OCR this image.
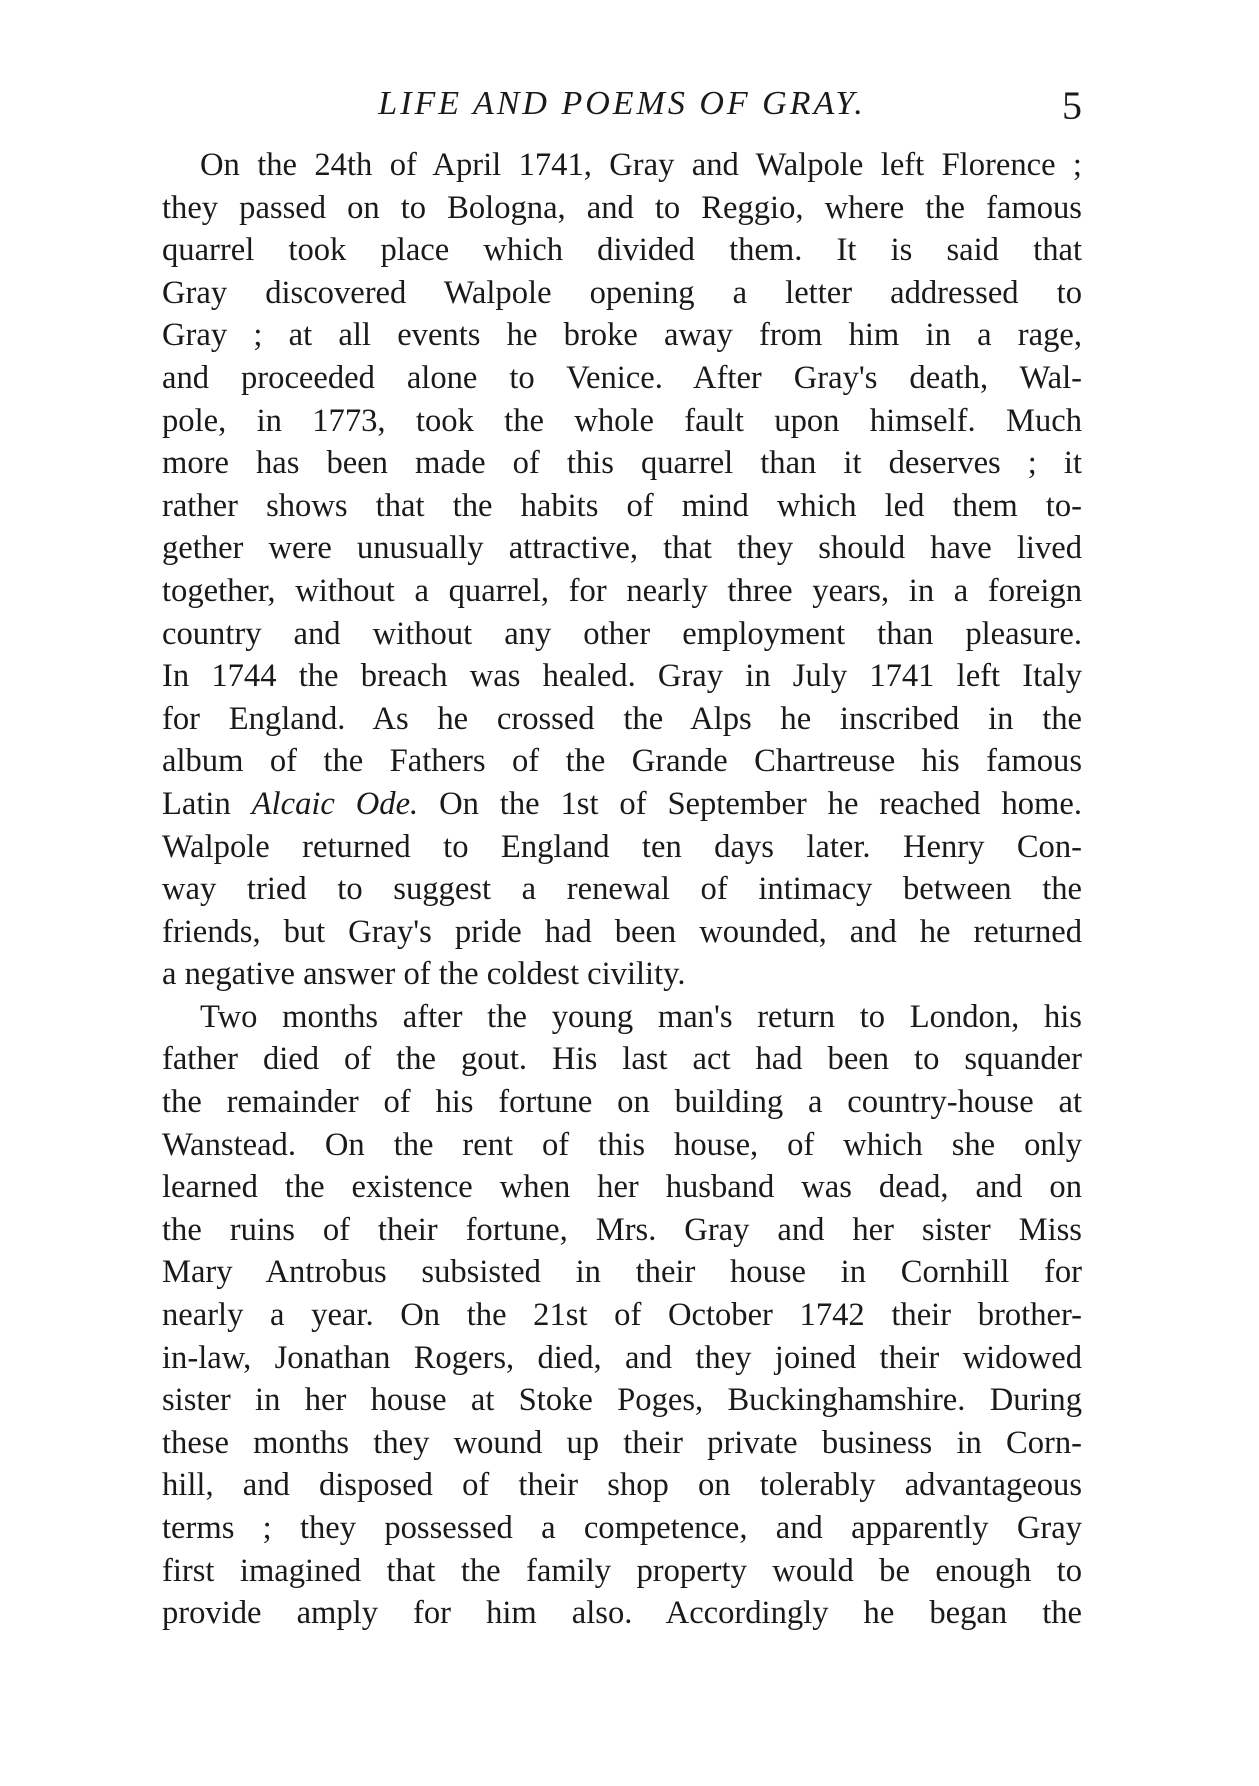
LIFE AND POEMS OF GRAY.	5

On the 24th of April 1741, Gray and Walpole left Florence ;
they passed on to Bologna, and to Reggio, where the famous
quarrel took place which divided them. It is said that
Gray discovered Walpole opening a letter addressed to
Gray ; at all events he broke away from him in a rage,
and proceeded alone to Venice. After Gray's death, Wal-
pole, in 1773, took the whole fault upon himself. Much
more has been made of this quarrel than it deserves ; it
rather shows that the habits of mind which led them to-
gether were unusually attractive, that they should have lived
together, without a quarrel, for nearly three years, in a foreign
country and without any other employment than pleasure.
In 1744 the breach was healed. Gray in July 1741 left Italy
for England. As he crossed the Alps he inscribed in the
album of the Fathers of the Grande Chartreuse his famous
Latin Alcaic Ode. On the 1st of September he reached home.
Walpole returned to England ten days later. Henry Con-
way tried to suggest a renewal of intimacy between the
friends, but Gray's pride had been wounded, and he returned
a negative answer of the coldest civility.

Two months after the young man's return to London, his
father died of the gout. His last act had been to squander
the remainder of his fortune on building a country-house at
Wanstead. On the rent of this house, of which she only
learned the existence when her husband was dead, and on
the ruins of their fortune, Mrs. Gray and her sister Miss
Mary Antrobus subsisted in their house in Cornhill for
nearly a year. On the 21st of October 1742 their brother-
in-law, Jonathan Rogers, died, and they joined their widowed
sister in her house at Stoke Poges, Buckinghamshire. During
these months they wound up their private business in Corn-
hill, and disposed of their shop on tolerably advantageous
terms ; they possessed a competence, and apparently Gray
first imagined that the family property would be enough to
provide amply for him also. Accordingly he began the
